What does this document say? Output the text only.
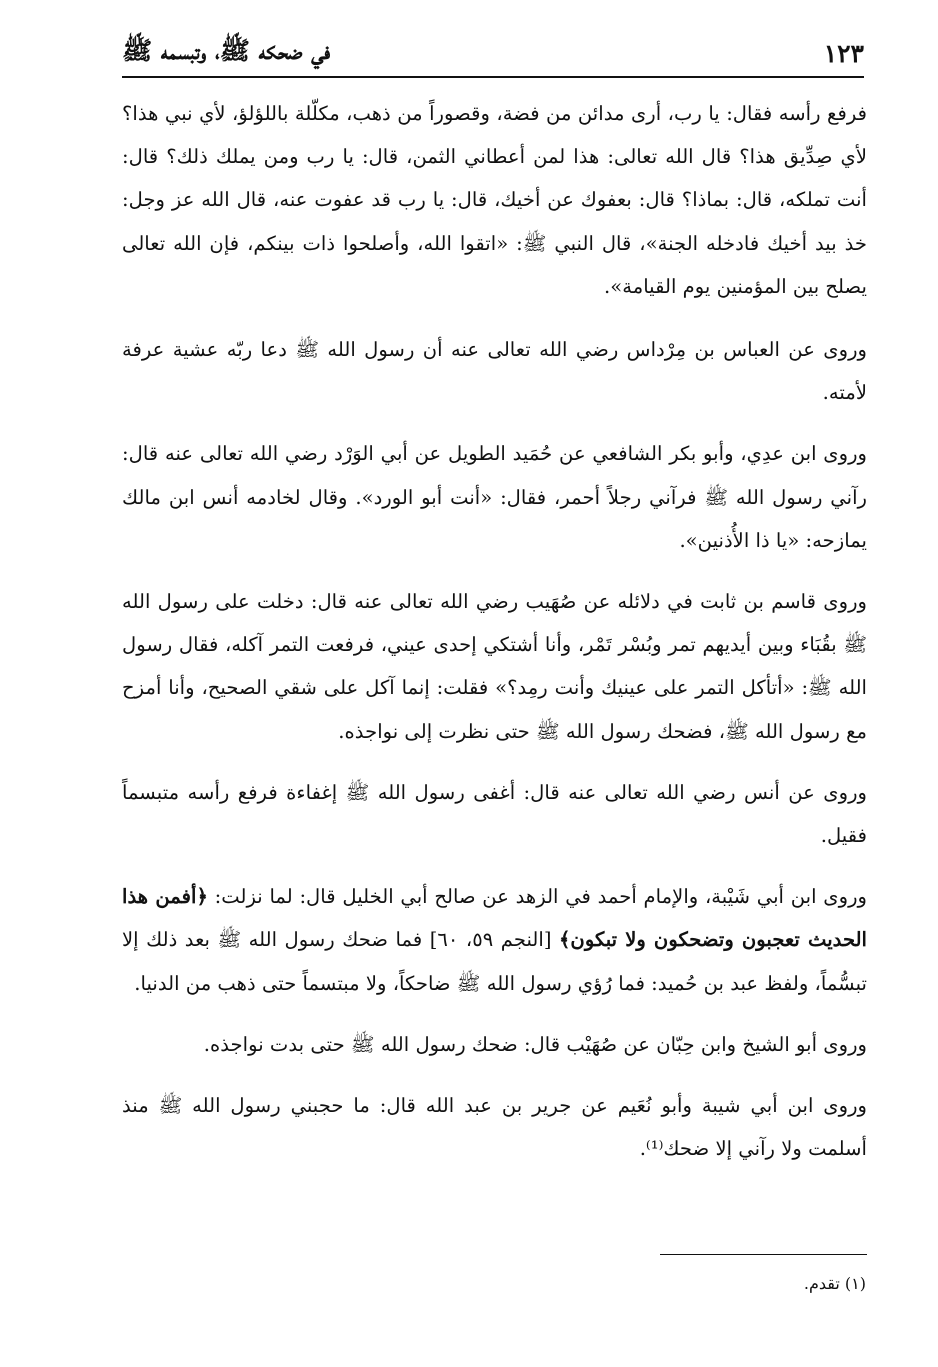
في ضحكه ﷺ، وتبسمه ﷺ	١٢٣

فرفع رأسه فقال: يا رب، أرى مدائن من فضة، وقصوراً من ذهب، مكلّلة باللؤلؤ، لأي نبي هذا؟ لأي صِدِّيق هذا؟ قال الله تعالى: هذا لمن أعطاني الثمن، قال: يا رب ومن يملك ذلك؟ قال: أنت تملكه، قال: بماذا؟ قال: بعفوك عن أخيك، قال: يا رب قد عفوت عنه، قال الله عز وجل: خذ بيد أخيك فادخله الجنة»، قال النبي ﷺ: «اتقوا الله، وأصلحوا ذات بينكم، فإن الله تعالى يصلح بين المؤمنين يوم القيامة».

وروى عن العباس بن مِرْداس رضي الله تعالى عنه أن رسول الله ﷺ دعا ربّه عشية عرفة لأمته.

وروى ابن عدِي، وأبو بكر الشافعي عن حُمَيد الطويل عن أبي الوَرْد رضي الله تعالى عنه قال: رآني رسول الله ﷺ فرآني رجلاً أحمر، فقال: «أنت أبو الورد». وقال لخادمه أنس ابن مالك يمازحه: «يا ذا الأُذنين».

وروى قاسم بن ثابت في دلائله عن صُهَيب رضي الله تعالى عنه قال: دخلت على رسول الله ﷺ بقُبَاء وبين أيديهم تمر وبُسْر تَمْر، وأنا أشتكي إحدى عيني، فرفعت التمر آكله، فقال رسول الله ﷺ: «أتأكل التمر على عينيك وأنت رمِد؟» فقلت: إنما آكل على شقي الصحيح، وأنا أمزح مع رسول الله ﷺ، فضحك رسول الله ﷺ حتى نظرت إلى نواجذه.

وروى عن أنس رضي الله تعالى عنه قال: أغفى رسول الله ﷺ إغفاءة فرفع رأسه متبسماً فقيل.

وروى ابن أبي شَيْبة، والإمام أحمد في الزهد عن صالح أبي الخليل قال: لما نزلت: ﴿أفمن هذا الحديث تعجبون وتضحكون ولا تبكون﴾ [النجم ٥٩، ٦٠] فما ضحك رسول الله ﷺ بعد ذلك إلا تبسُّماً، ولفظ عبد بن حُميد: فما رُؤي رسول الله ﷺ ضاحكاً، ولا مبتسماً حتى ذهب من الدنيا.

وروى أبو الشيخ وابن حِبّان عن صُهَيْب قال: ضحك رسول الله ﷺ حتى بدت نواجذه.

وروى ابن أبي شيبة وأبو نُعَيم عن جرير بن عبد الله قال: ما حجبني رسول الله ﷺ منذ أسلمت ولا رآني إلا ضحك⁽¹⁾.

(١) تقدم.
